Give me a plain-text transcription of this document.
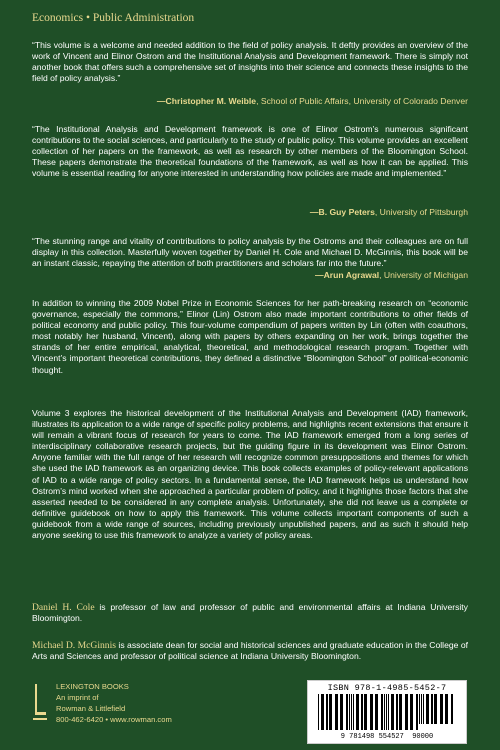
Economics • Public Administration

“This volume is a welcome and needed addition to the field of policy analysis. It deftly provides an overview of the work of Vincent and Elinor Ostrom and the Institutional Analysis and Development framework. There is simply not another book that offers such a comprehensive set of insights into their science and connects these insights to the field of policy analysis.”

—Christopher M. Weible, School of Public Affairs, University of Colorado Denver

“The Institutional Analysis and Development framework is one of Elinor Ostrom’s numerous significant contributions to the social sciences, and particularly to the study of public policy. This volume provides an excellent collection of her papers on the framework, as well as research by other members of the Bloomington School. These papers demonstrate the theoretical foundations of the framework, as well as how it can be applied. This volume is essential reading for anyone interested in understanding how policies are made and implemented.”

—B. Guy Peters, University of Pittsburgh

“The stunning range and vitality of contributions to policy analysis by the Ostroms and their colleagues are on full display in this collection. Masterfully woven together by Daniel H. Cole and Michael D. McGinnis, this book will be an instant classic, repaying the attention of both practitioners and scholars far into the future.”

—Arun Agrawal, University of Michigan

In addition to winning the 2009 Nobel Prize in Economic Sciences for her path-breaking research on “economic governance, especially the commons,” Elinor (Lin) Ostrom also made important contributions to other fields of political economy and public policy. This four-volume compendium of papers written by Lin (often with coauthors, most notably her husband, Vincent), along with papers by others expanding on her work, brings together the strands of her entire empirical, analytical, theoretical, and methodological research program. Together with Vincent’s important theoretical contributions, they defined a distinctive “Bloomington School” of political-economic thought.

Volume 3 explores the historical development of the Institutional Analysis and Development (IAD) framework, illustrates its application to a wide range of specific policy problems, and highlights recent extensions that ensure it will remain a vibrant focus of research for years to come. The IAD framework emerged from a long series of interdisciplinary collaborative research projects, but the guiding figure in its development was Elinor Ostrom. Anyone familiar with the full range of her research will recognize common presuppositions and themes for which she used the IAD framework as an organizing device. This book collects examples of policy-relevant applications of IAD to a wide range of policy sectors. In a fundamental sense, the IAD framework helps us understand how Ostrom’s mind worked when she approached a particular problem of policy, and it highlights those factors that she asserted needed to be considered in any complete analysis. Unfortunately, she did not leave us a complete or definitive guidebook on how to apply this framework. This volume collects important components of such a guidebook from a wide range of sources, including previously unpublished papers, and as such it should help anyone seeking to use this framework to analyze a variety of policy areas.

Daniel H. Cole is professor of law and professor of public and environmental affairs at Indiana University Bloomington.

Michael D. McGinnis is associate dean for social and historical sciences and graduate education in the College of Arts and Sciences and professor of political science at Indiana University Bloomington.

LEXINGTON BOOKS
An imprint of
Rowman & Littlefield
800-462-6420 • www.rowman.com
ISBN 978-1-4985-5452-7
9 781498 554527 90000
